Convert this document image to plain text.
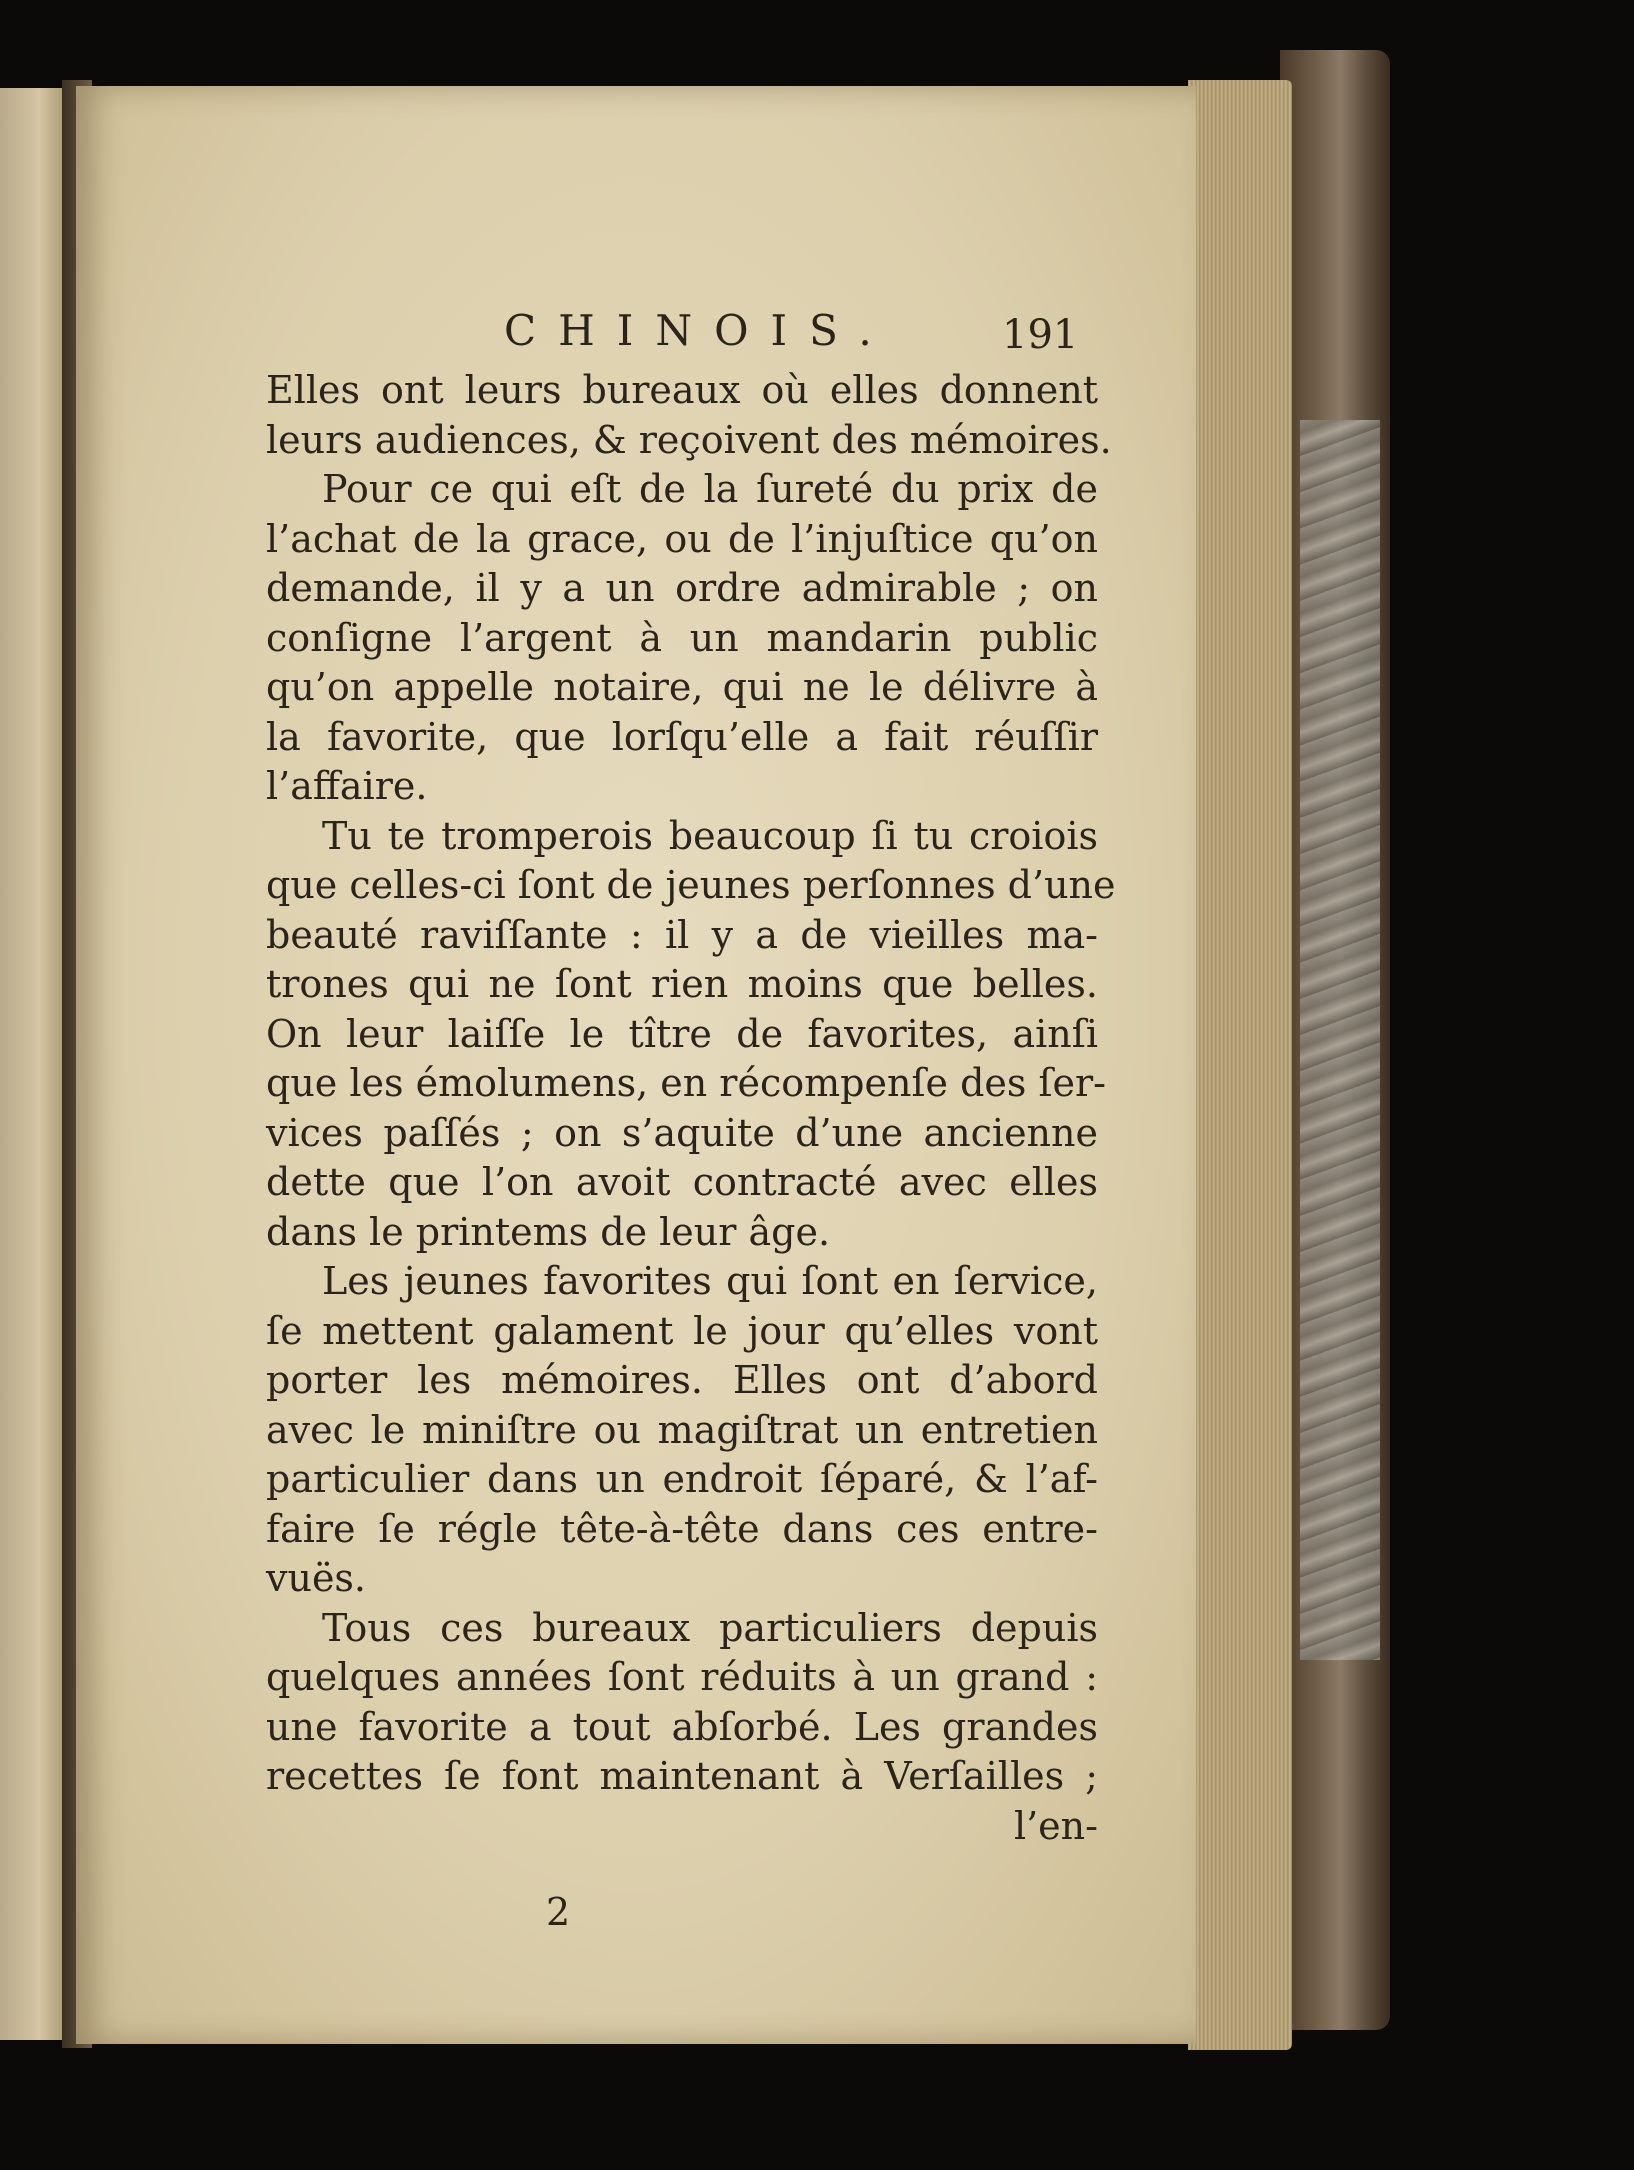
CHINOIS.	191
Elles ont leurs bureaux où elles donnent
leurs audiences, & reçoivent des mémoires.
Pour ce qui eſt de la ſureté du prix de
l’achat de la grace, ou de l’injuſtice qu’on
demande, il y a un ordre admirable ; on
conſigne l’argent à un mandarin public
qu’on appelle notaire, qui ne le délivre à
la favorite, que lorſqu’elle a fait réuſſir
l’affaire.
Tu te tromperois beaucoup ſi tu croiois
que celles-ci ſont de jeunes perſonnes d’une
beauté raviſſante : il y a de vieilles ma-
trones qui ne ſont rien moins que belles.
On leur laiſſe le tître de favorites, ainſi
que les émolumens, en récompenſe des ſer-
vices paſſés ; on s’aquite d’une ancienne
dette que l’on avoit contracté avec elles
dans le printems de leur âge.
Les jeunes favorites qui ſont en ſervice,
ſe mettent galament le jour qu’elles vont
porter les mémoires. Elles ont d’abord
avec le miniſtre ou magiſtrat un entretien
particulier dans un endroit ſéparé, & l’af-
faire ſe régle tête-à-tête dans ces entre-
vuës.
Tous ces bureaux particuliers depuis
quelques années ſont réduits à un grand :
une favorite a tout abſorbé. Les grandes
recettes ſe font maintenant à Verſailles ;
l’en-
2
